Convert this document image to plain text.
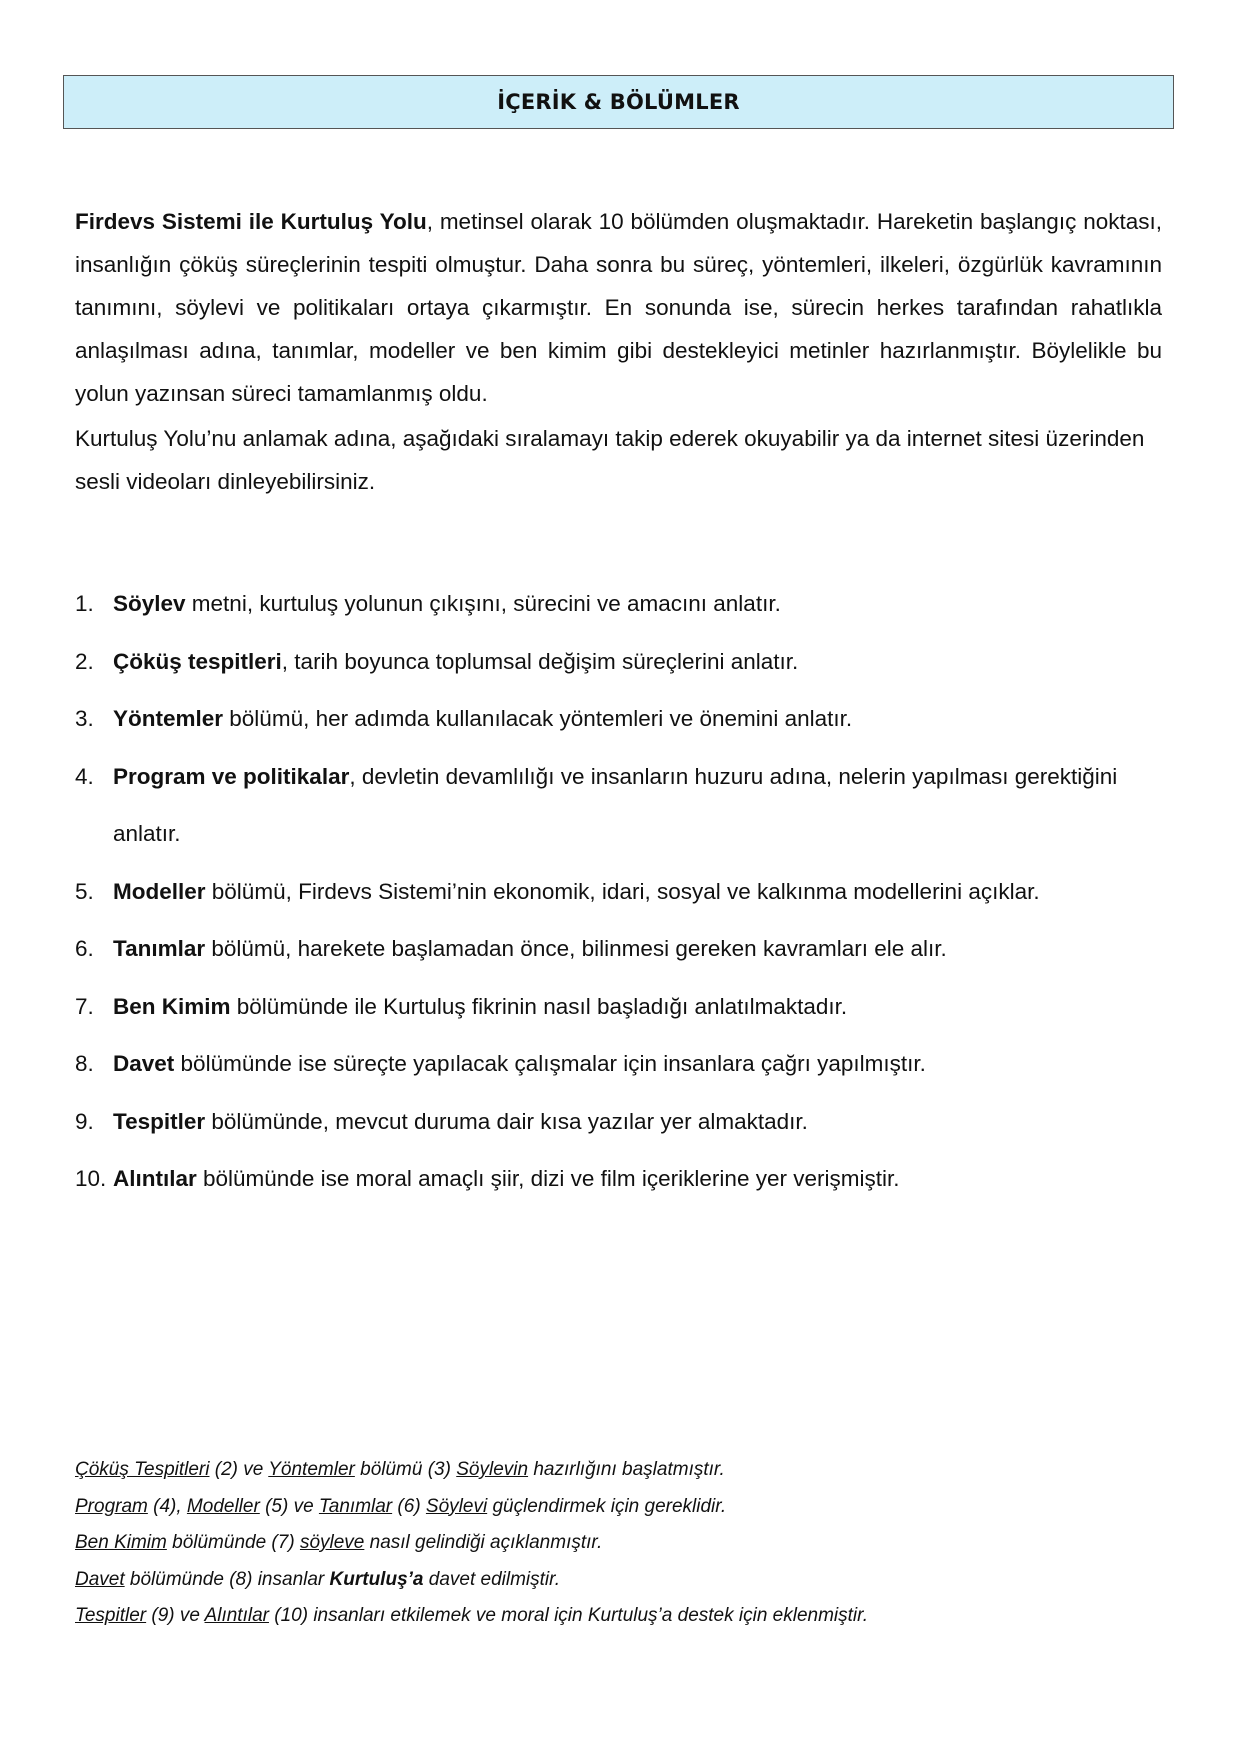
İÇERİK & BÖLÜMLER

Firdevs Sistemi ile Kurtuluş Yolu, metinsel olarak 10 bölümden oluşmaktadır. Hareketin başlangıç noktası, insanlığın çöküş süreçlerinin tespiti olmuştur. Daha sonra bu süreç, yöntemleri, ilkeleri, özgürlük kavramının tanımını, söylevi ve politikaları ortaya çıkarmıştır. En sonunda ise, sürecin herkes tarafından rahatlıkla anlaşılması adına, tanımlar, modeller ve ben kimim gibi destekleyici metinler hazırlanmıştır. Böylelikle bu yolun yazınsan süreci tamamlanmış oldu.

Kurtuluş Yolu’nu anlamak adına, aşağıdaki sıralamayı takip ederek okuyabilir ya da internet sitesi üzerinden sesli videoları dinleyebilirsiniz.

1. Söylev metni, kurtuluş yolunun çıkışını, sürecini ve amacını anlatır.
2. Çöküş tespitleri, tarih boyunca toplumsal değişim süreçlerini anlatır.
3. Yöntemler bölümü, her adımda kullanılacak yöntemleri ve önemini anlatır.
4. Program ve politikalar, devletin devamlılığı ve insanların huzuru adına, nelerin yapılması gerektiğini anlatır.
5. Modeller bölümü, Firdevs Sistemi’nin ekonomik, idari, sosyal ve kalkınma modellerini açıklar.
6. Tanımlar bölümü, harekete başlamadan önce, bilinmesi gereken kavramları ele alır.
7. Ben Kimim bölümünde ile Kurtuluş fikrinin nasıl başladığı anlatılmaktadır.
8. Davet bölümünde ise süreçte yapılacak çalışmalar için insanlara çağrı yapılmıştır.
9. Tespitler bölümünde, mevcut duruma dair kısa yazılar yer almaktadır.
10. Alıntılar bölümünde ise moral amaçlı şiir, dizi ve film içeriklerine yer verişmiştir.
Çöküş Tespitleri (2) ve Yöntemler bölümü (3) Söylevin hazırlığını başlatmıştır.
Program (4), Modeller (5) ve Tanımlar (6) Söylevi güçlendirmek için gereklidir.
Ben Kimim bölümünde (7) söyleve nasıl gelindiği açıklanmıştır.
Davet bölümünde (8) insanlar Kurtuluş’a davet edilmiştir.
Tespitler (9) ve Alıntılar (10) insanları etkilemek ve moral için Kurtuluş’a destek için eklenmiştir.
